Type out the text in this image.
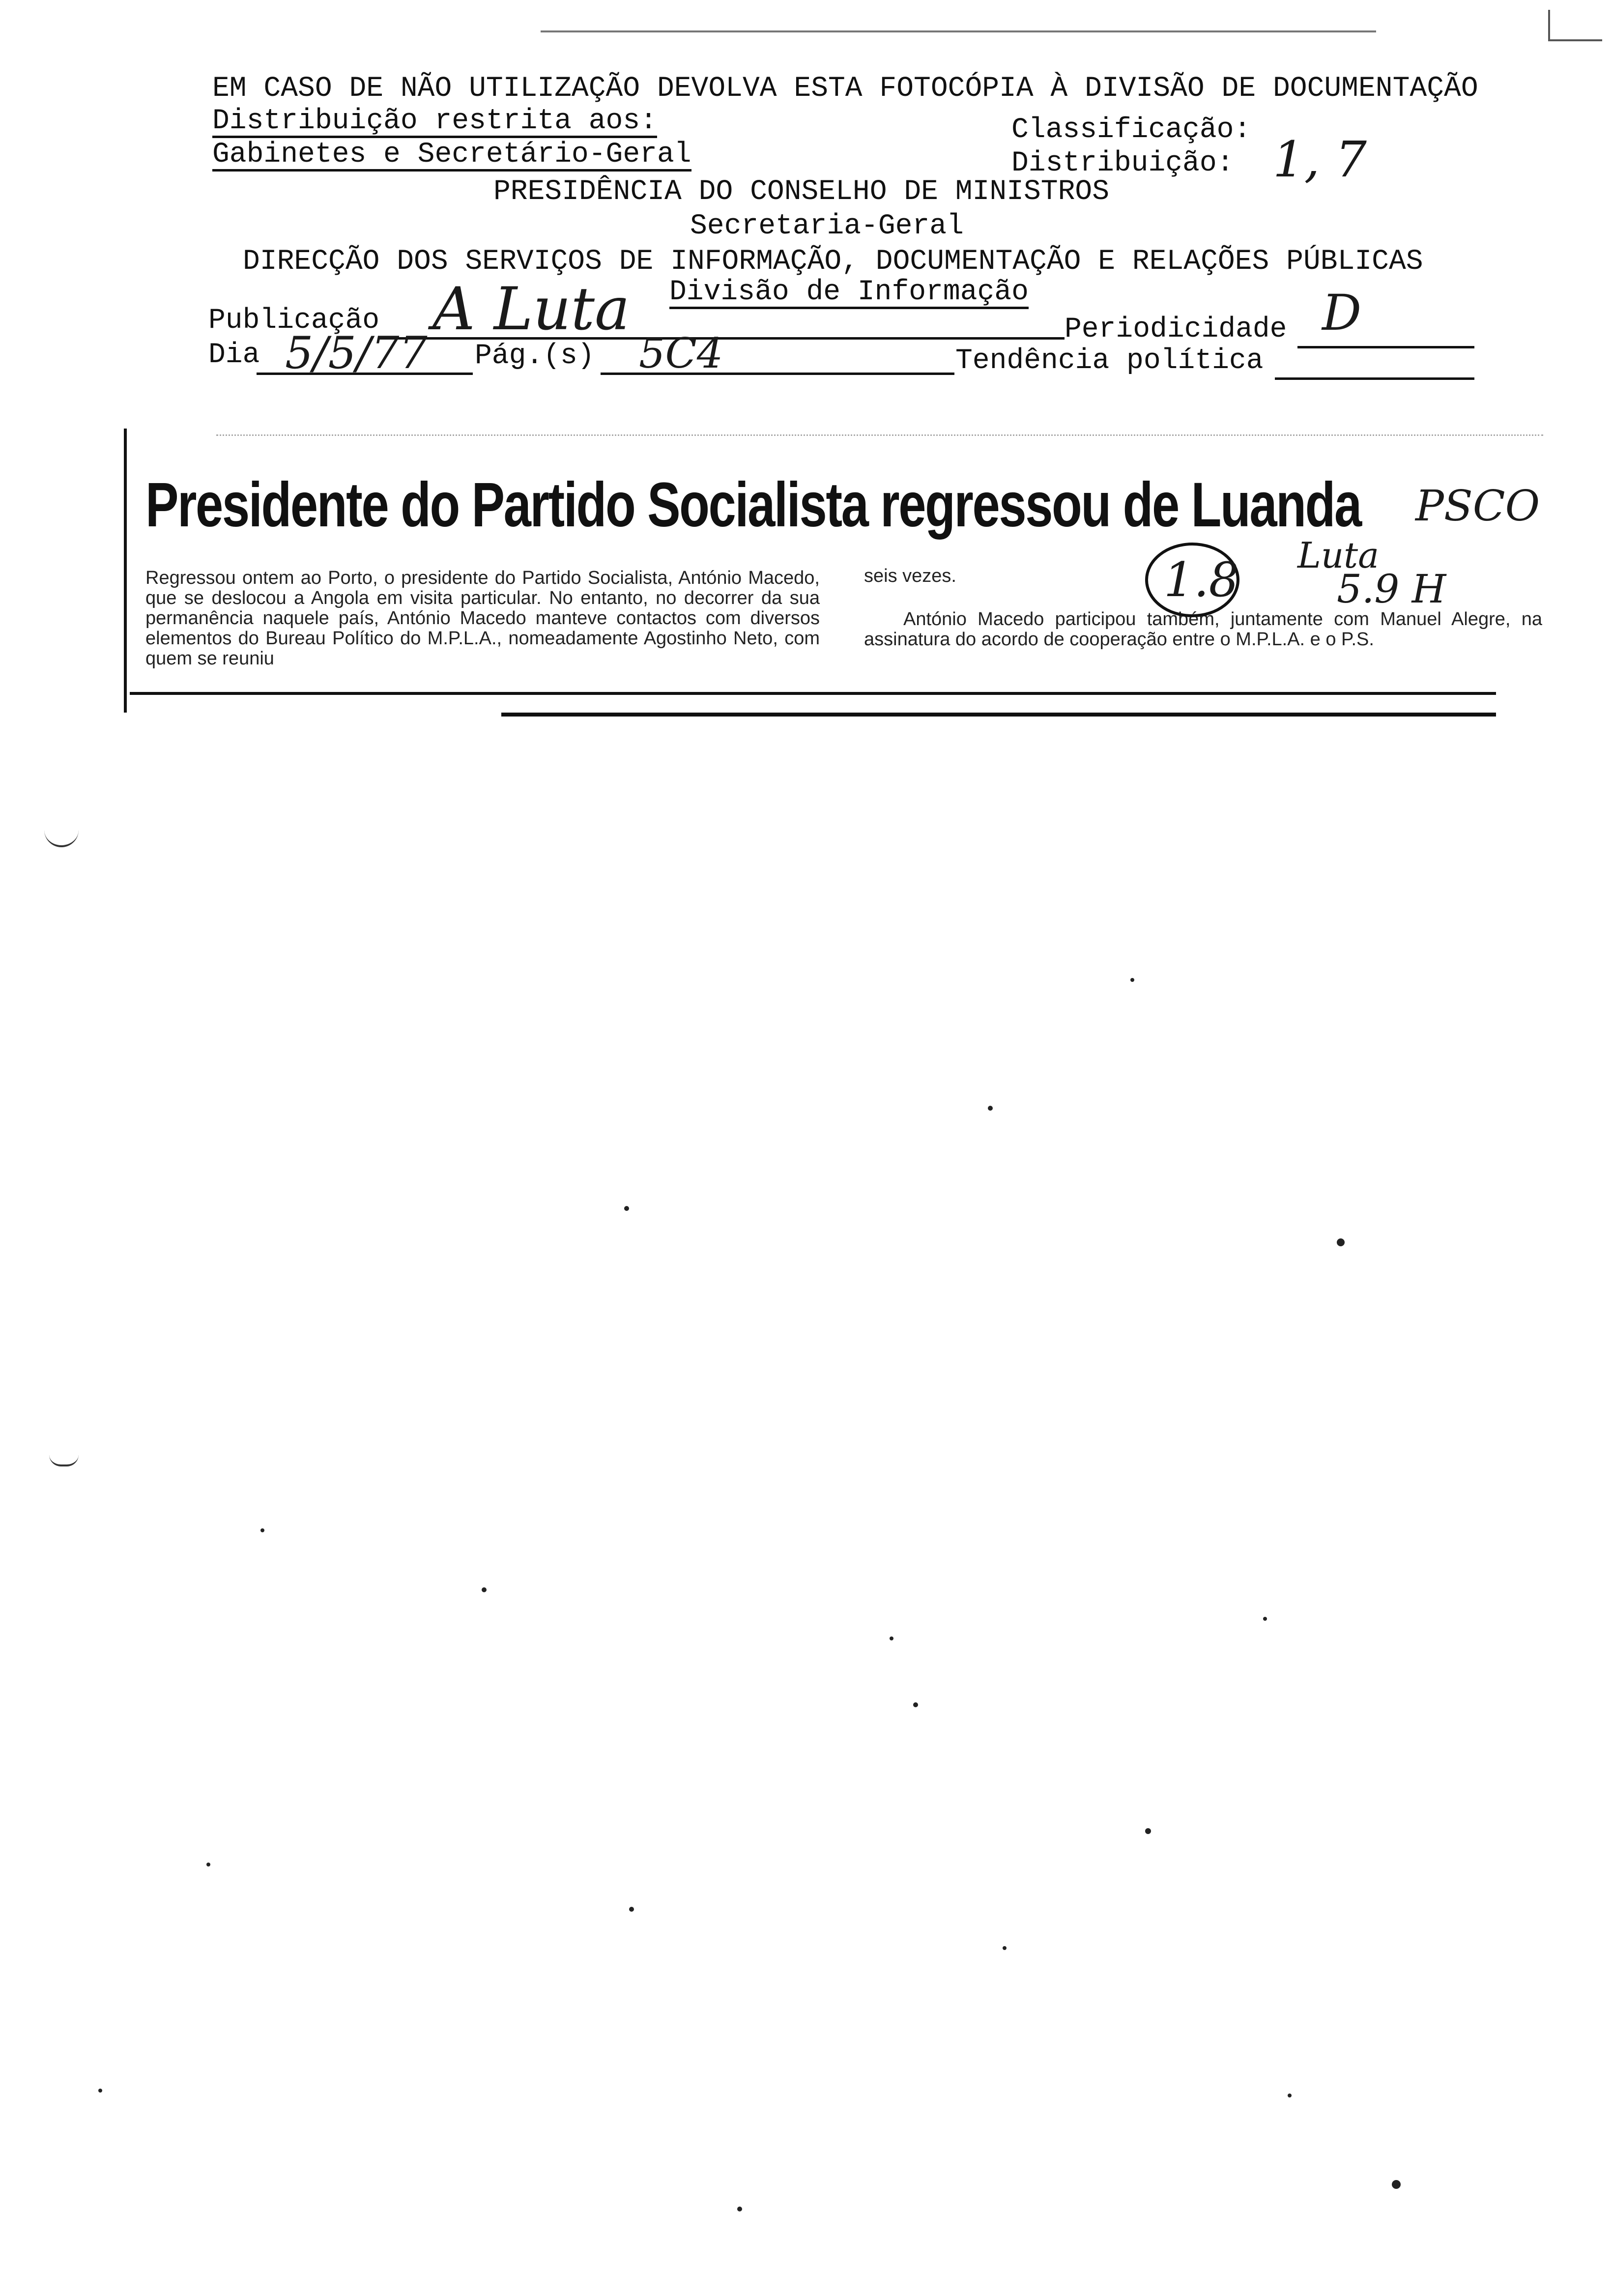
EM CASO DE NÃO UTILIZAÇÃO DEVOLVA ESTA FOTOCÓPIA À DIVISÃO DE DOCUMENTAÇÃO
Distribuição restrita aos:	Classificação:
Gabinetes e Secretário-Geral	Distribuição: 1, 7
PRESIDÊNCIA DO CONSELHO DE MINISTROS
Secretaria-Geral
DIRECÇÃO DOS SERVIÇOS DE INFORMAÇÃO, DOCUMENTAÇÃO E RELAÇÕES PÚBLICAS
Divisão de Informação
Publicação A Luta	Periodicidade D
Dia 5/5/77 Pág.(s) 5C4	Tendência política
Presidente do Partido Socialista regressou de Luanda PSCO
Regressou ontem ao Porto, o presidente do Partido Socialista, António Macedo, que se deslocou a Angola em visita particular. No entanto, no decorrer da sua permanência naquele país, António Macedo manteve contactos com diversos elementos do Bureau Político do M.P.L.A., nomeadamente Agostinho Neto, com quem se reuniu
seis vezes.
António Macedo participou também, juntamente com Manuel Alegre, na assinatura do acordo de cooperação entre o M.P.L.A. e o P.S.
1.8 Luta
5.9 H
